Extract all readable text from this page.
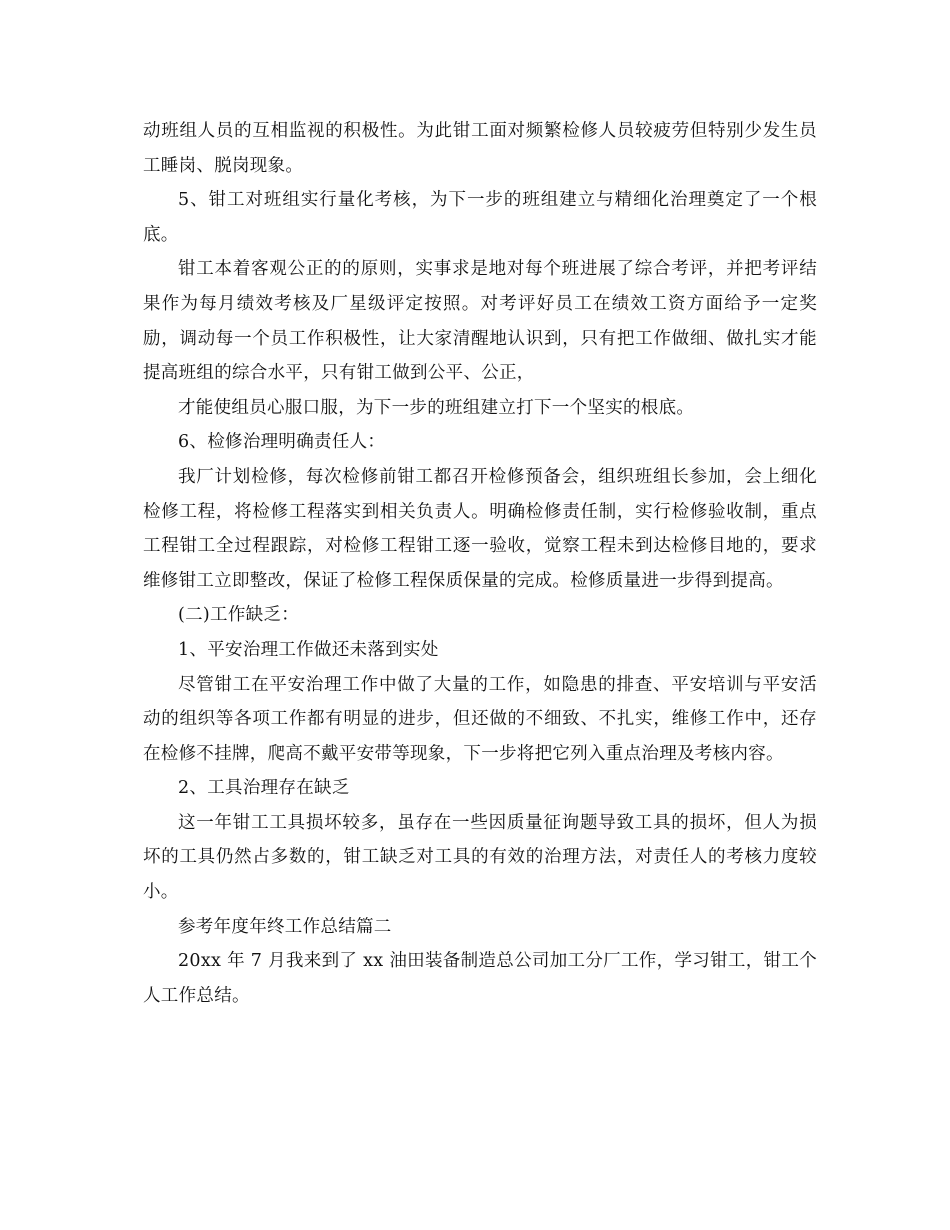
动班组人员的互相监视的积极性。为此钳工面对频繁检修人员较疲劳但特别少发生员工睡岗、脱岗现象。

5、钳工对班组实行量化考核，为下一步的班组建立与精细化治理奠定了一个根底。

钳工本着客观公正的的原则，实事求是地对每个班进展了综合考评，并把考评结果作为每月绩效考核及厂星级评定按照。对考评好员工在绩效工资方面给予一定奖励，调动每一个员工作积极性，让大家清醒地认识到，只有把工作做细、做扎实才能提高班组的综合水平，只有钳工做到公平、公正，

才能使组员心服口服，为下一步的班组建立打下一个坚实的根底。

6、检修治理明确责任人：

我厂计划检修，每次检修前钳工都召开检修预备会，组织班组长参加，会上细化检修工程，将检修工程落实到相关负责人。明确检修责任制，实行检修验收制，重点工程钳工全过程跟踪，对检修工程钳工逐一验收，觉察工程未到达检修目地的，要求维修钳工立即整改，保证了检修工程保质保量的完成。检修质量进一步得到提高。

(二)工作缺乏：

1、平安治理工作做还未落到实处

尽管钳工在平安治理工作中做了大量的工作，如隐患的排查、平安培训与平安活动的组织等各项工作都有明显的进步，但还做的不细致、不扎实，维修工作中，还存在检修不挂牌，爬高不戴平安带等现象，下一步将把它列入重点治理及考核内容。

2、工具治理存在缺乏

这一年钳工工具损坏较多，虽存在一些因质量征询题导致工具的损坏，但人为损坏的工具仍然占多数的，钳工缺乏对工具的有效的治理方法，对责任人的考核力度较小。

参考年度年终工作总结篇二

20xx 年 7 月我来到了 xx 油田装备制造总公司加工分厂工作，学习钳工，钳工个人工作总结。
